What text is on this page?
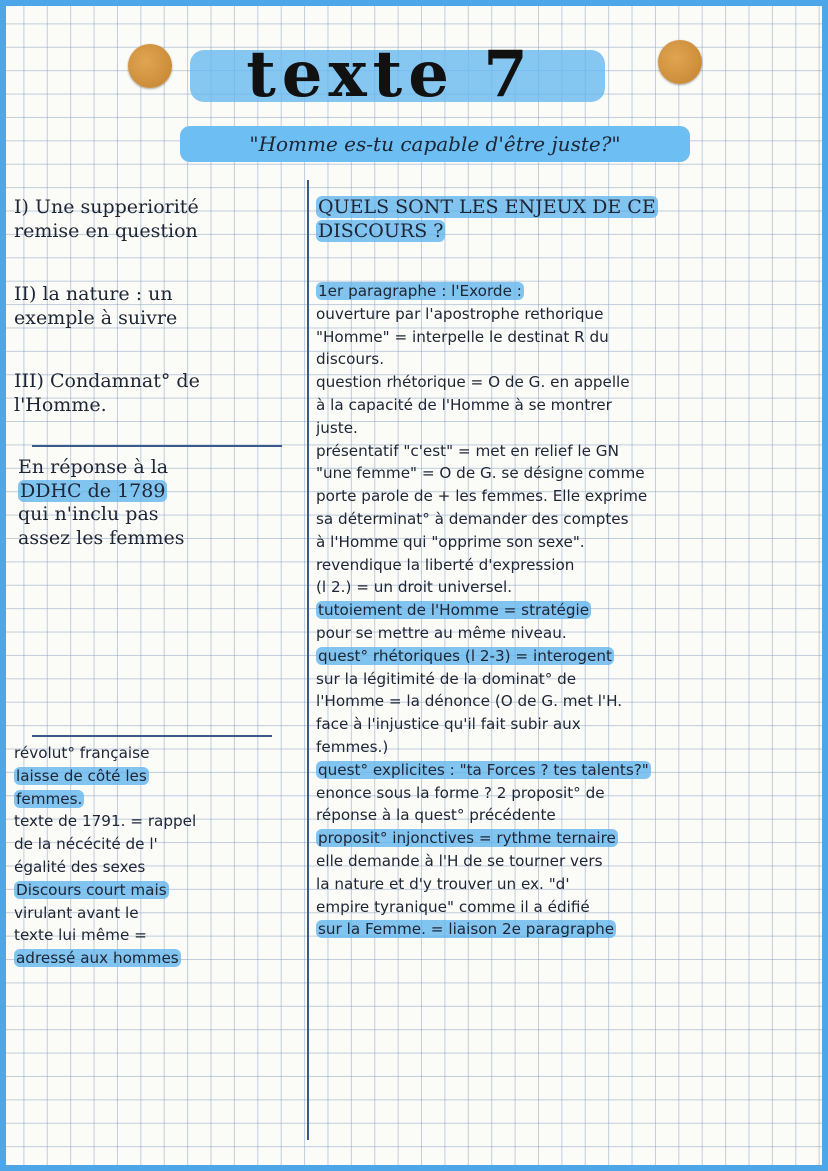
texte 7
"Homme es-tu capable d'être juste?"
I) Une supperiorité
remise en question
II) la nature : un
exemple à suivre
III) Condamnat° de
l'Homme.
En réponse à la
DDHC de 1789
qui n'inclu pas
assez les femmes
révolut° française
laisse de côté les
femmes.
texte de 1791. = rappel
de la nécécité de l'
égalité des sexes
Discours court mais
virulant avant le
texte lui même =
adressé aux hommes
QUELS SONT LES ENJEUX DE CE
DISCOURS ?
1er paragraphe : l'Exorde :
ouverture par l'apostrophe rethorique
"Homme" = interpelle le destinat R du
discours.
question rhétorique = O de G. en appelle
à la capacité de l'Homme à se montrer
juste.
présentatif "c'est" = met en relief le GN
"une femme" = O de G. se désigne comme
porte parole de + les femmes. Elle exprime
sa déterminat° à demander des comptes
à l'Homme qui "opprime son sexe".
revendique la liberté d'expression
(l 2.) = un droit universel.
tutoiement de l'Homme = stratégie
pour se mettre au même niveau.
quest° rhétoriques (l 2-3) = interogent
sur la légitimité de la dominat° de
l'Homme = la dénonce (O de G. met l'H.
face à l'injustice qu'il fait subir aux
femmes.)
quest° explicites : "ta Forces ? tes talents?"
enonce sous la forme ? 2 proposit° de
réponse à la quest° précédente
proposit° injonctives = rythme ternaire
elle demande à l'H de se tourner vers
la nature et d'y trouver un ex. "d'
empire tyranique" comme il a édifié
sur la Femme. = liaison 2e paragraphe
